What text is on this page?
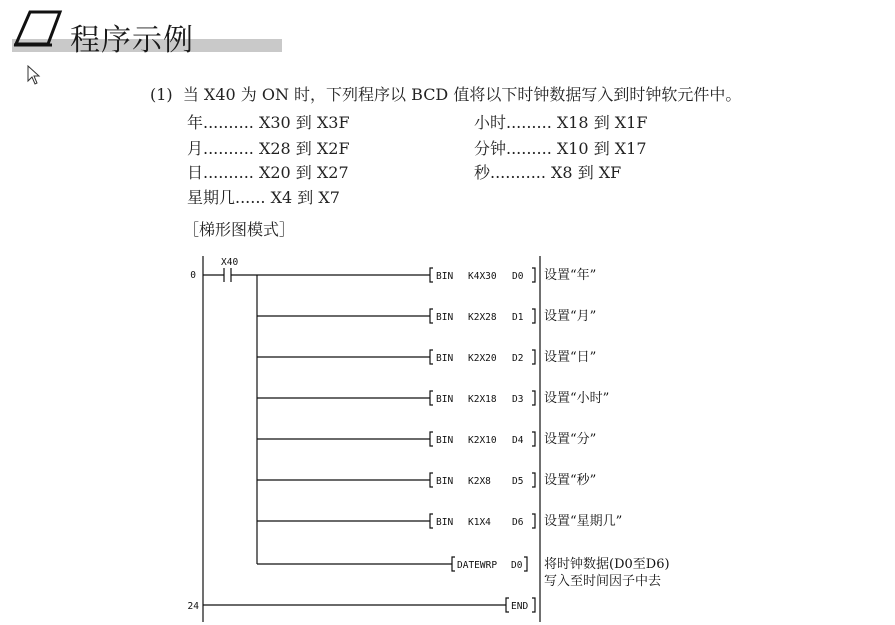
程序示例
(1)  当 X40 为 ON 时，下列程序以 BCD 值将以下时钟数据写入到时钟软元件中。
年.......... X30 到 X3F
月.......... X28 到 X2F
日.......... X20 到 X27
星期几...... X4 到 X7
小时......... X18 到 X1F
分钟......... X10 到 X17
秒........... X8 到 XF
［梯形图模式］
0
24
X40
BIN K4X30 D0 设置“年”
BIN K2X28 D1 设置“月”
BIN K2X20 D2 设置“日”
BIN K2X18 D3 设置“小时”
BIN K2X10 D4 设置“分”
BIN K2X8 D5 设置“秒”
BIN K1X4 D6 设置“星期几”
DATEWRP D0 将时钟数据(D0至D6)
写入至时间因子中去
END
